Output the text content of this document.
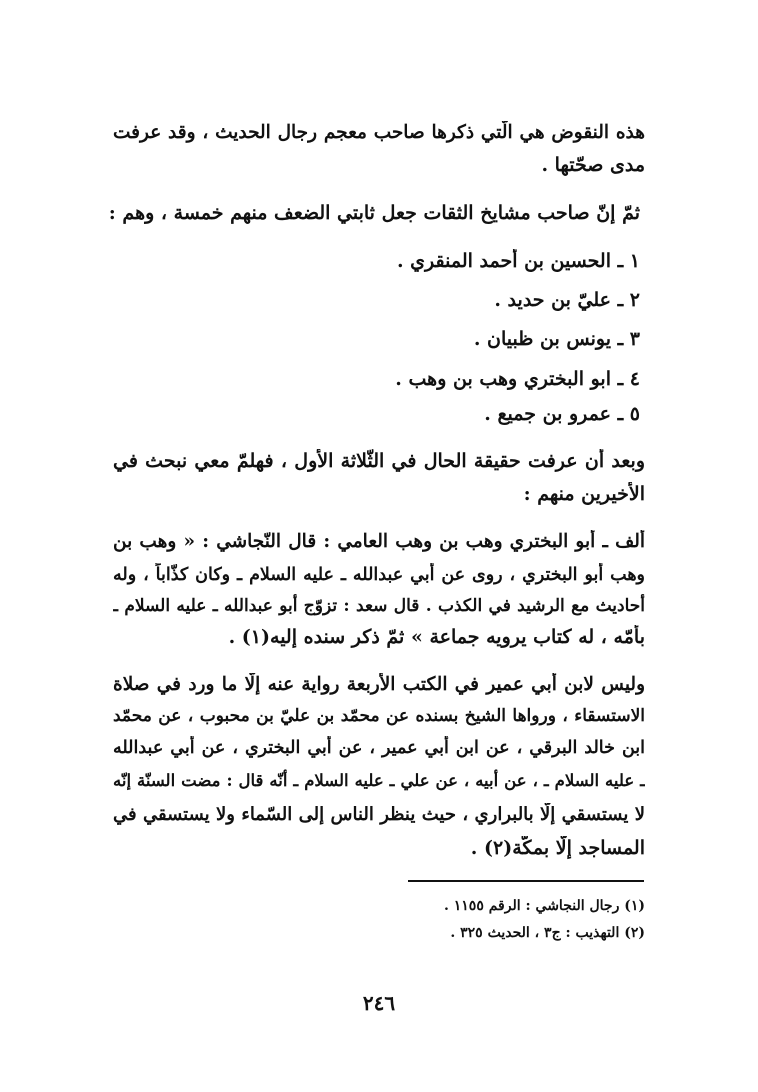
هذه النقوض هي الّتي ذكرها صاحب معجم رجال الحديث ، وقد عرفت
مدى صحّتها .
ثمّ إنّ صاحب مشايخ الثقات جعل ثابتي الضعف منهم خمسة ، وهم :
١ ـ الحسين بن أحمد المنقري .
٢ ـ عليّ بن حديد .
٣ ـ يونس بن ظبيان .
٤ ـ ابو البختري وهب بن وهب .
٥ ـ عمرو بن جميع .
وبعد أن عرفت حقيقة الحال في الثّلاثة الأول ، فهلمّ معي نبحث في
الأخيرين منهم :
ألف ـ أبو البختري وهب بن وهب العامي : قال النّجاشي : « وهب بن
وهب أبو البختري ، روى عن أبي عبدالله ـ عليه السلام ـ وكان كذّاباً ، وله
أحاديث مع الرشيد في الكذب . قال سعد : تزوّج أبو عبدالله ـ عليه السلام ـ
بأمّه ، له كتاب يرويه جماعة » ثمّ ذكر سنده إليه(١) .
وليس لابن أبي عمير في الكتب الأربعة رواية عنه إلّا ما ورد في صلاة
الاستسقاء ، ورواها الشيخ بسنده عن محمّد بن عليّ بن محبوب ، عن محمّد
ابن خالد البرقي ، عن ابن أبي عمير ، عن أبي البختري ، عن أبي عبدالله
ـ عليه السلام ـ ، عن أبيه ، عن علي ـ عليه السلام ـ أنّه قال : مضت السنّة إنّه
لا يستسقي إلّا بالبراري ، حيث ينظر الناس إلى السّماء ولا يستسقي في
المساجد إلّا بمكّة(٢) .
(١) رجال النجاشي : الرقم ١١٥٥ .
(٢) التهذيب : ج٣ ، الحديث ٣٢٥ .
٢٤٦
